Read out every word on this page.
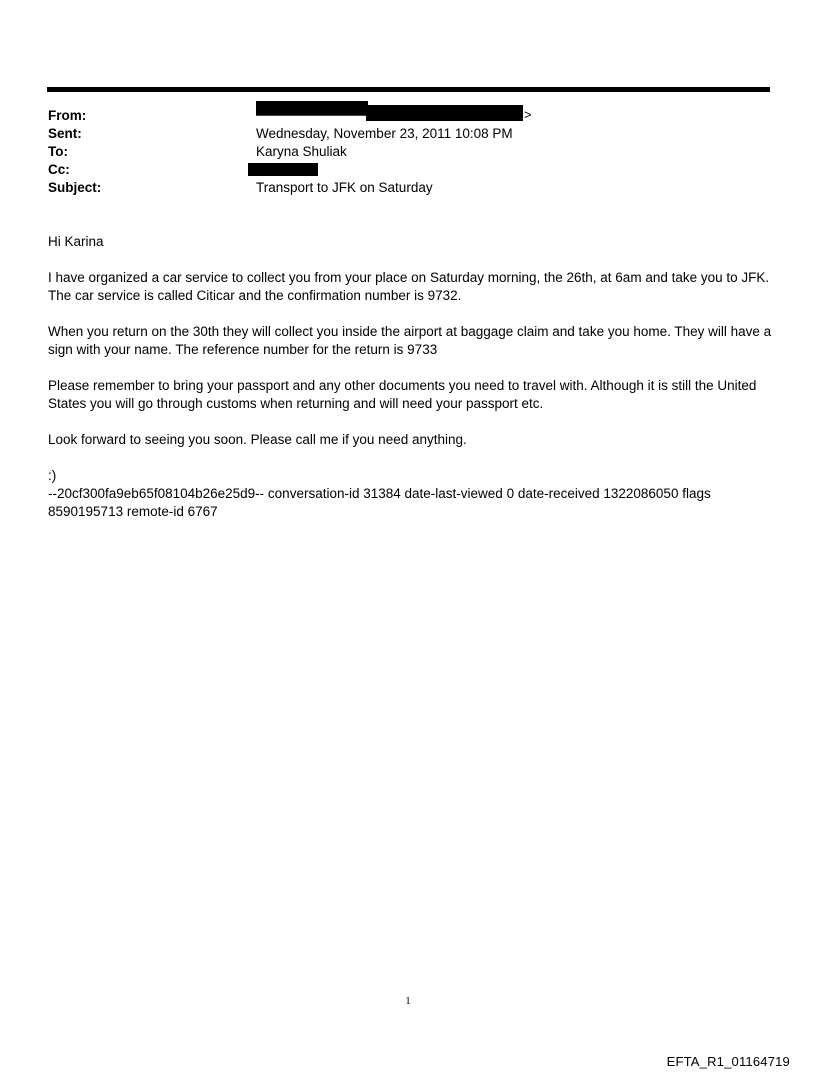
From:	>
Sent:	Wednesday, November 23, 2011 10:08 PM
To:	Karyna Shuliak
Cc:
Subject:	Transport to JFK on Saturday

Hi Karina

I have organized a car service to collect you from your place on Saturday morning, the 26th, at 6am and take you to JFK. The car service is called Citicar and the confirmation number is 9732.

When you return on the 30th they will collect you inside the airport at baggage claim and take you home. They will have a sign with your name. The reference number for the return is 9733

Please remember to bring your passport and any other documents you need to travel with. Although it is still the United States you will go through customs when returning and will need your passport etc.

Look forward to seeing you soon. Please call me if you need anything.

:)

--20cf300fa9eb65f08104b26e25d9-- conversation-id 31384 date-last-viewed 0 date-received 1322086050 flags 8590195713 remote-id 6767

1
EFTA_R1_01164719
